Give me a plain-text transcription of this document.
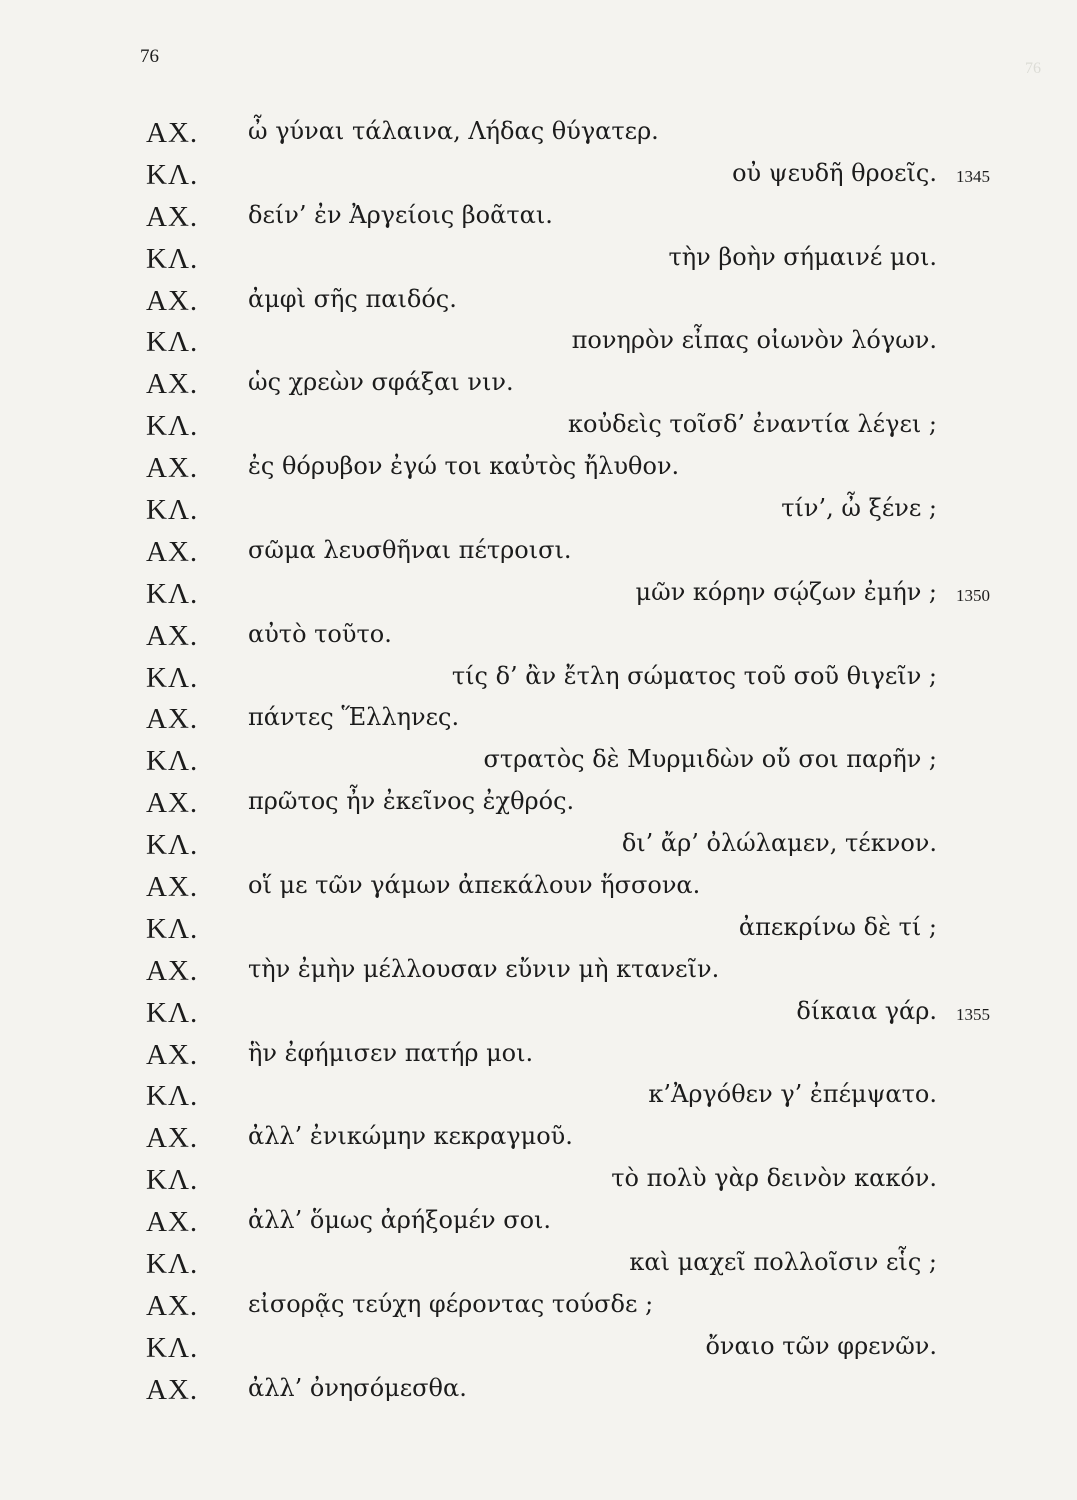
76
76
ΑΧ. ὦ γύναι τάλαινα, Λήδας θύγατερ.
ΚΛ.	οὐ ψευδῆ θροεῖς. 1345
ΑΧ. δείν’ ἐν Ἀργείοις βοᾶται.
ΚΛ.	τὴν βοὴν σήμαινέ μοι.
ΑΧ. ἀμφὶ σῆς παιδός.
ΚΛ.	πονηρὸν εἶπας οἰωνὸν λόγων.
ΑΧ. ὡς χρεὼν σφάξαι νιν.
ΚΛ.	κοὐδεὶς τοῖσδ’ ἐναντία λέγει ;
ΑΧ. ἐς θόρυβον ἐγώ τοι καὐτὸς ἤλυθον.
ΚΛ.	τίν’, ὦ ξένε ;
ΑΧ. σῶμα λευσθῆναι πέτροισι.
ΚΛ.	μῶν κόρην σῴζων ἐμήν ; 1350
ΑΧ. αὐτὸ τοῦτο.
ΚΛ.	τίς δ’ ἂν ἔτλη σώματος τοῦ σοῦ θιγεῖν ;
ΑΧ. πάντες Ἕλληνες.
ΚΛ.	στρατὸς δὲ Μυρμιδὼν οὔ σοι παρῆν ;
ΑΧ. πρῶτος ἦν ἐκεῖνος ἐχθρός.
ΚΛ.	δι’ ἄρ’ ὀλώλαμεν, τέκνον.
ΑΧ. οἵ με τῶν γάμων ἀπεκάλουν ἥσσονα.
ΚΛ.	ἀπεκρίνω δὲ τί ;
ΑΧ. τὴν ἐμὴν μέλλουσαν εὔνιν μὴ κτανεῖν.
ΚΛ.	δίκαια γάρ. 1355
ΑΧ. ἣν ἐφήμισεν πατήρ μοι.
ΚΛ.	κ’Ἀργόθεν γ’ ἐπέμψατο.
ΑΧ. ἀλλ’ ἐνικώμην κεκραγμοῦ.
ΚΛ.	τὸ πολὺ γὰρ δεινὸν κακόν.
ΑΧ. ἀλλ’ ὅμως ἀρήξομέν σοι.
ΚΛ.	καὶ μαχεῖ πολλοῖσιν εἷς ;
ΑΧ. εἰσορᾷς τεύχη φέροντας τούσδε ;
ΚΛ.	ὄναιο τῶν φρενῶν.
ΑΧ. ἀλλ’ ὀνησόμεσθα.
